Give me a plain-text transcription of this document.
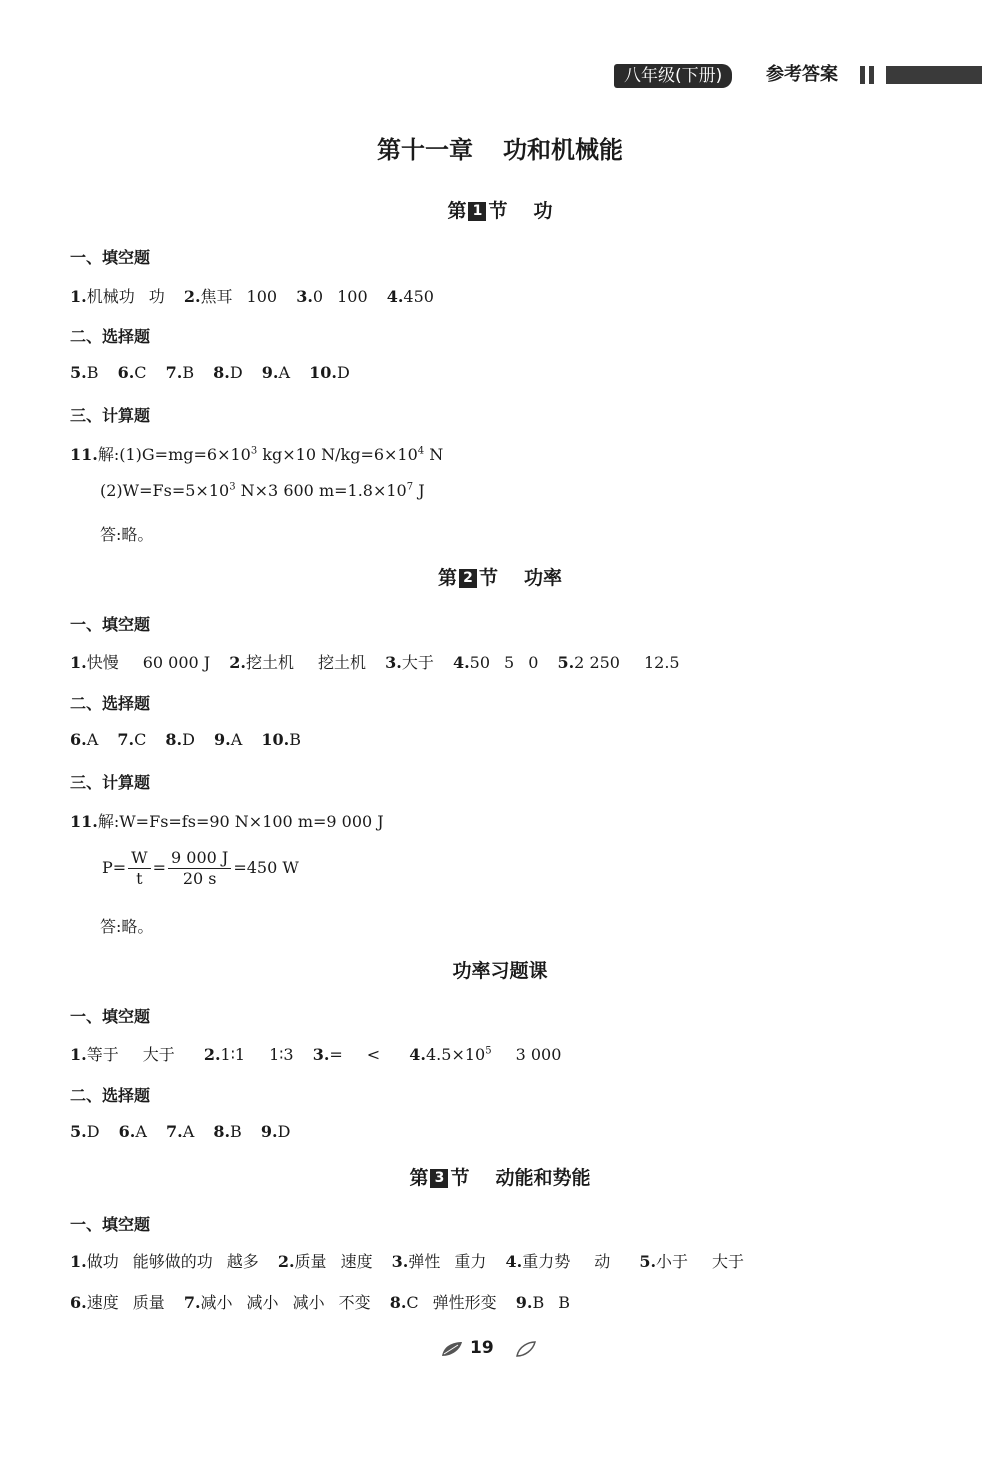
八年级(下册)	参考答案
第十一章 功和机械能
第 1 节 功
一、填空题
1.机械功 功 2.焦耳 100 3.0 100 4.450
二、选择题
5.B 6.C 7.B 8.D 9.A 10.D
三、计算题
11.解$:(1)G=mg=6\times 10^3$ kg×10 $N/kg=6\times 10^4$ N
$(2)W=Fs=5\times 10^3$ N×3 600 $m=1.8\times 10^7$ J
答:略。
第 2 节 功率
一、填空题
1.快慢 60 000 J 2.挖土机 挖土机 3.大于 4.50 5 0 5.2 250 12.5
二、选择题
6.A 7.C 8.D 9.A 10.B
三、计算题
11.解:W=Fs=fs=90 N×100 m=9 000 J
$P= \frac{W}{t} = \frac{9 000 J}{20 s} =450$ W
答:略。
功率习题课
一、填空题
1.等于 大于 2.1∶1 1∶3 $3.= < 4.4.5\times 10^5$ 3 000
二、选择题
5.D 6.A 7.A 8.B 9.D
第 3 节 动能和势能
一、填空题
1.做功 能够做的功 越多 2.质量 速度 3.弹性 重力 4.重力势 动 5.小于 大于
6.速度 质量 7.减小 减小 减小 不变 8.C 弹性形变 9.B B
19
